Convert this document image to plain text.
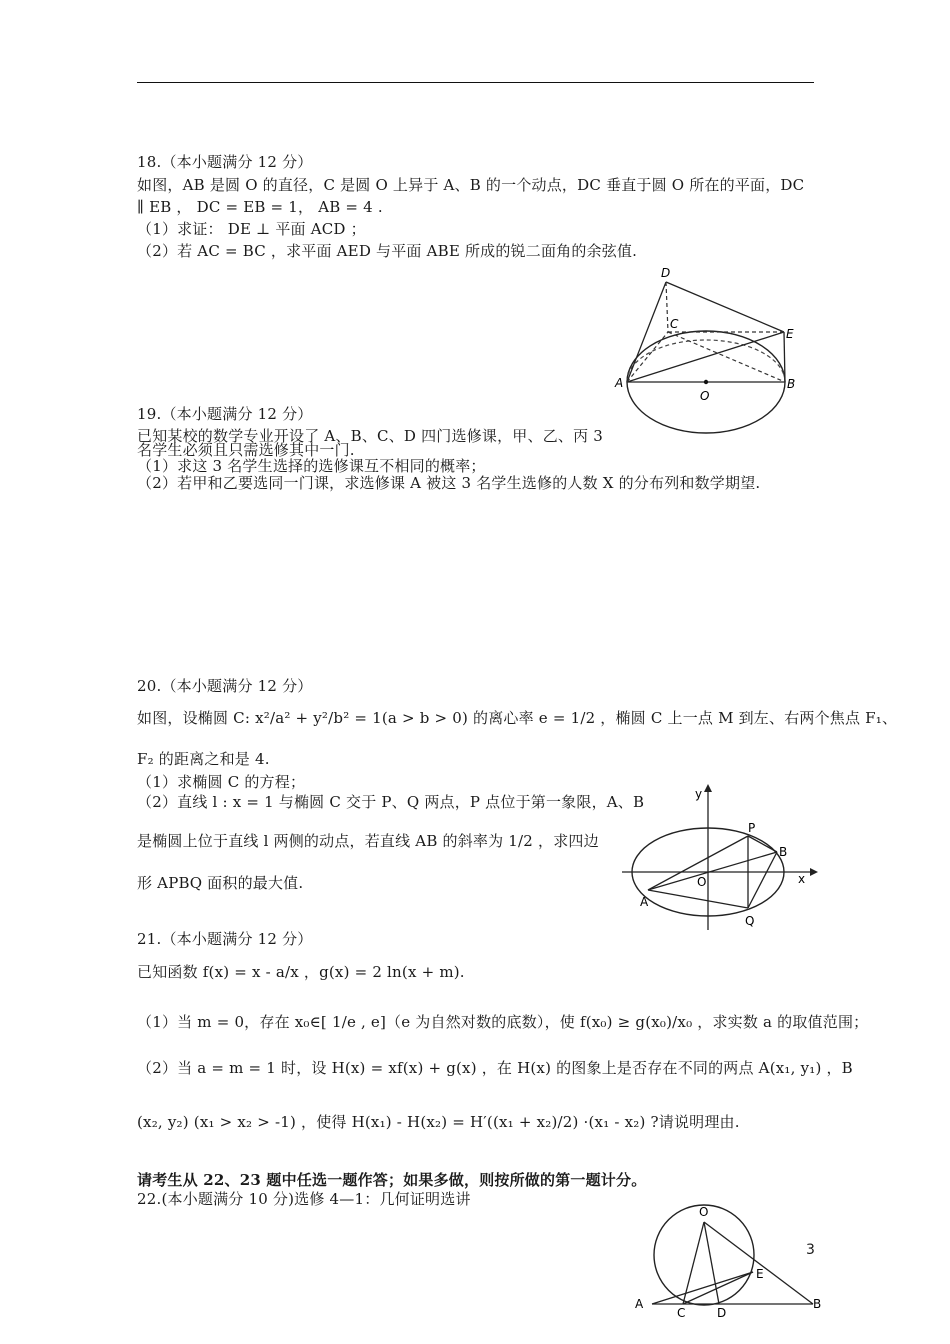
18.（本小题满分 12 分）
如图，AB 是圆 O 的直径，C 是圆 O 上异于 A、B 的一个动点，DC 垂直于圆 O 所在的平面，DC
∥ EB ， DC = EB = 1， AB = 4 .
（1）求证： DE ⊥ 平面 ACD ；
（2）若 AC = BC ，求平面 AED 与平面 ABE 所成的锐二面角的余弦值.
D
C
E
A	B
O
19.（本小题满分 12 分）
已知某校的数学专业开设了 A、B、C、D 四门选修课，甲、乙、丙 3
名学生必须且只需选修其中一门.
（1）求这 3 名学生选择的选修课互不相同的概率；
（2）若甲和乙要选同一门课，求选修课 A 被这 3 名学生选修的人数 X 的分布列和数学期望.
20.（本小题满分 12 分）
如图，设椭圆 C: x²/a² + y²/b² = 1(a > b > 0) 的离心率 e = 1/2 ，椭圆 C 上一点 M 到左、右两个焦点 F₁、
F₂ 的距离之和是 4.
（1）求椭圆 C 的方程；
（2）直线 l : x = 1 与椭圆 C 交于 P、Q 两点，P 点位于第一象限，A、B
是椭圆上位于直线 l 两侧的动点，若直线 AB 的斜率为 1/2 ，求四边
形 APBQ 面积的最大值.
y
x
O
P
B
A
Q
21.（本小题满分 12 分）
已知函数 f(x) = x - a/x ，g(x) = 2 ln(x + m).
（1）当 m = 0，存在 x₀∈[ 1/e , e]（e 为自然对数的底数），使 f(x₀) ≥ g(x₀)/x₀ ，求实数 a 的取值范围；
（2）当 a = m = 1 时，设 H(x) = xf(x) + g(x) ，在 H(x) 的图象上是否存在不同的两点 A(x₁, y₁) ，B
(x₂, y₂) (x₁ > x₂ > -1) ，使得 H(x₁) - H(x₂) = H′((x₁ + x₂)/2) ·(x₁ - x₂) ?请说明理由.
请考生从 22、23 题中任选一题作答；如果多做，则按所做的第一题计分。
22.(本小题满分 10 分)选修 4—1：几何证明选讲
O
E
A
C	D
B
3
